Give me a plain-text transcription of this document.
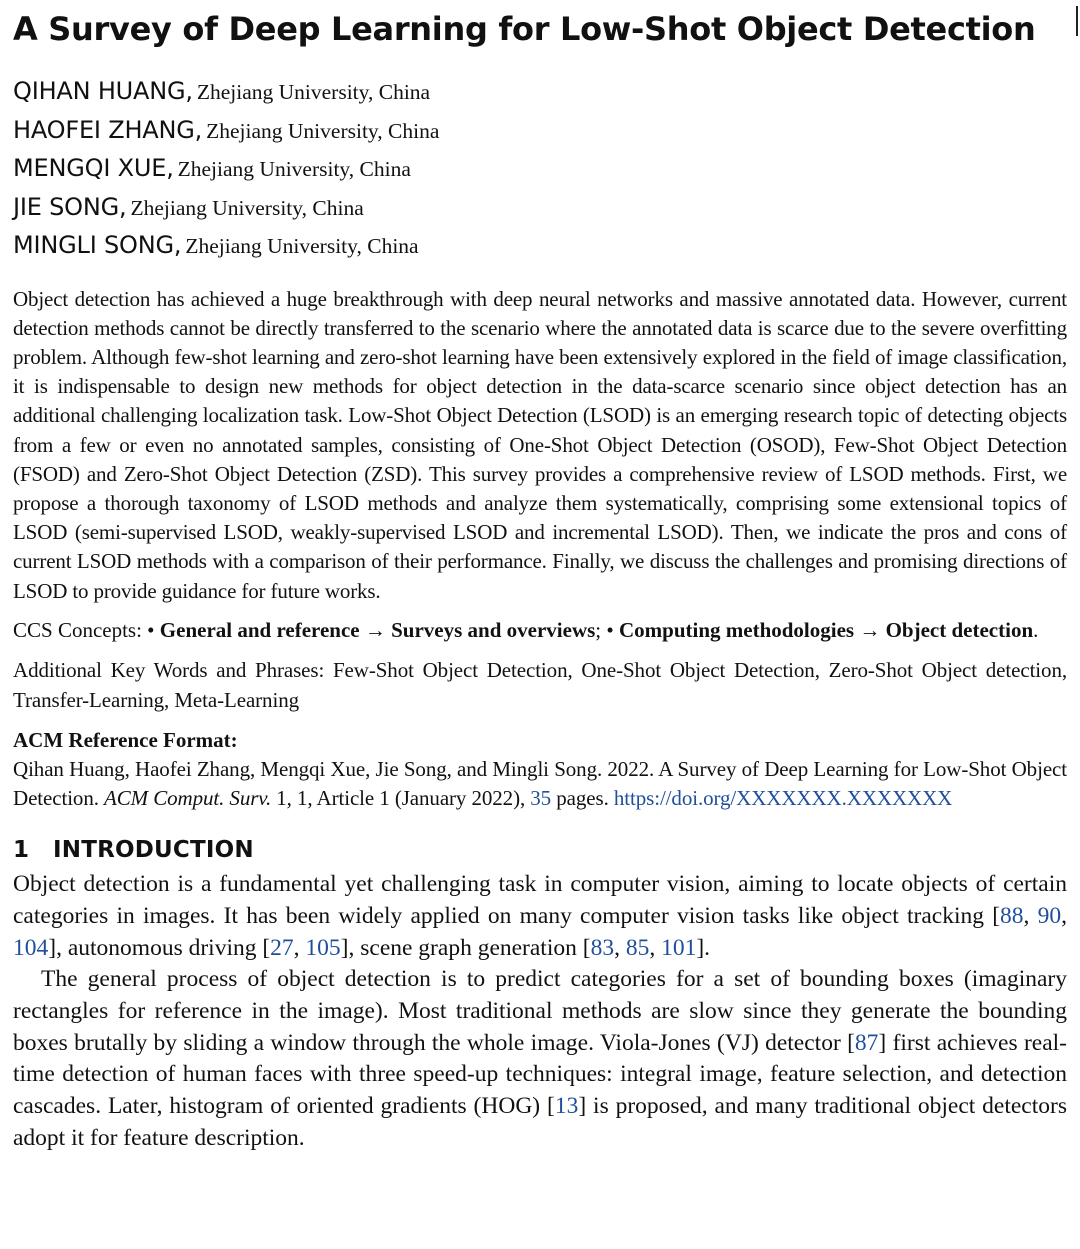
A Survey of Deep Learning for Low-Shot Object Detection
QIHAN HUANG, Zhejiang University, China
HAOFEI ZHANG, Zhejiang University, China
MENGQI XUE, Zhejiang University, China
JIE SONG, Zhejiang University, China
MINGLI SONG, Zhejiang University, China
Object detection has achieved a huge breakthrough with deep neural networks and massive annotated data. However, current detection methods cannot be directly transferred to the scenario where the annotated data is scarce due to the severe overfitting problem. Although few-shot learning and zero-shot learning have been extensively explored in the field of image classification, it is indispensable to design new methods for object detection in the data-scarce scenario since object detection has an additional challenging localization task. Low-Shot Object Detection (LSOD) is an emerging research topic of detecting objects from a few or even no annotated samples, consisting of One-Shot Object Detection (OSOD), Few-Shot Object Detection (FSOD) and Zero-Shot Object Detection (ZSD). This survey provides a comprehensive review of LSOD methods. First, we propose a thorough taxonomy of LSOD methods and analyze them systematically, comprising some extensional topics of LSOD (semi-supervised LSOD, weakly-supervised LSOD and incremental LSOD). Then, we indicate the pros and cons of current LSOD methods with a comparison of their performance. Finally, we discuss the challenges and promising directions of LSOD to provide guidance for future works.
CCS Concepts: • General and reference → Surveys and overviews; • Computing methodologies → Object detection.
Additional Key Words and Phrases: Few-Shot Object Detection, One-Shot Object Detection, Zero-Shot Object detection, Transfer-Learning, Meta-Learning
ACM Reference Format:
Qihan Huang, Haofei Zhang, Mengqi Xue, Jie Song, and Mingli Song. 2022. A Survey of Deep Learning for Low-Shot Object Detection. ACM Comput. Surv. 1, 1, Article 1 (January 2022), 35 pages. https://doi.org/XXXXXXX.XXXXXXX
1	INTRODUCTION

Object detection is a fundamental yet challenging task in computer vision, aiming to locate objects of certain categories in images. It has been widely applied on many computer vision tasks like object tracking [88, 90, 104], autonomous driving [27, 105], scene graph generation [83, 85, 101].

The general process of object detection is to predict categories for a set of bounding boxes (imaginary rectangles for reference in the image). Most traditional methods are slow since they generate the bounding boxes brutally by sliding a window through the whole image. Viola-Jones (VJ) detector [87] first achieves real-time detection of human faces with three speed-up techniques: integral image, feature selection, and detection cascades. Later, histogram of oriented gradients (HOG) [13] is proposed, and many traditional object detectors adopt it for feature description.
